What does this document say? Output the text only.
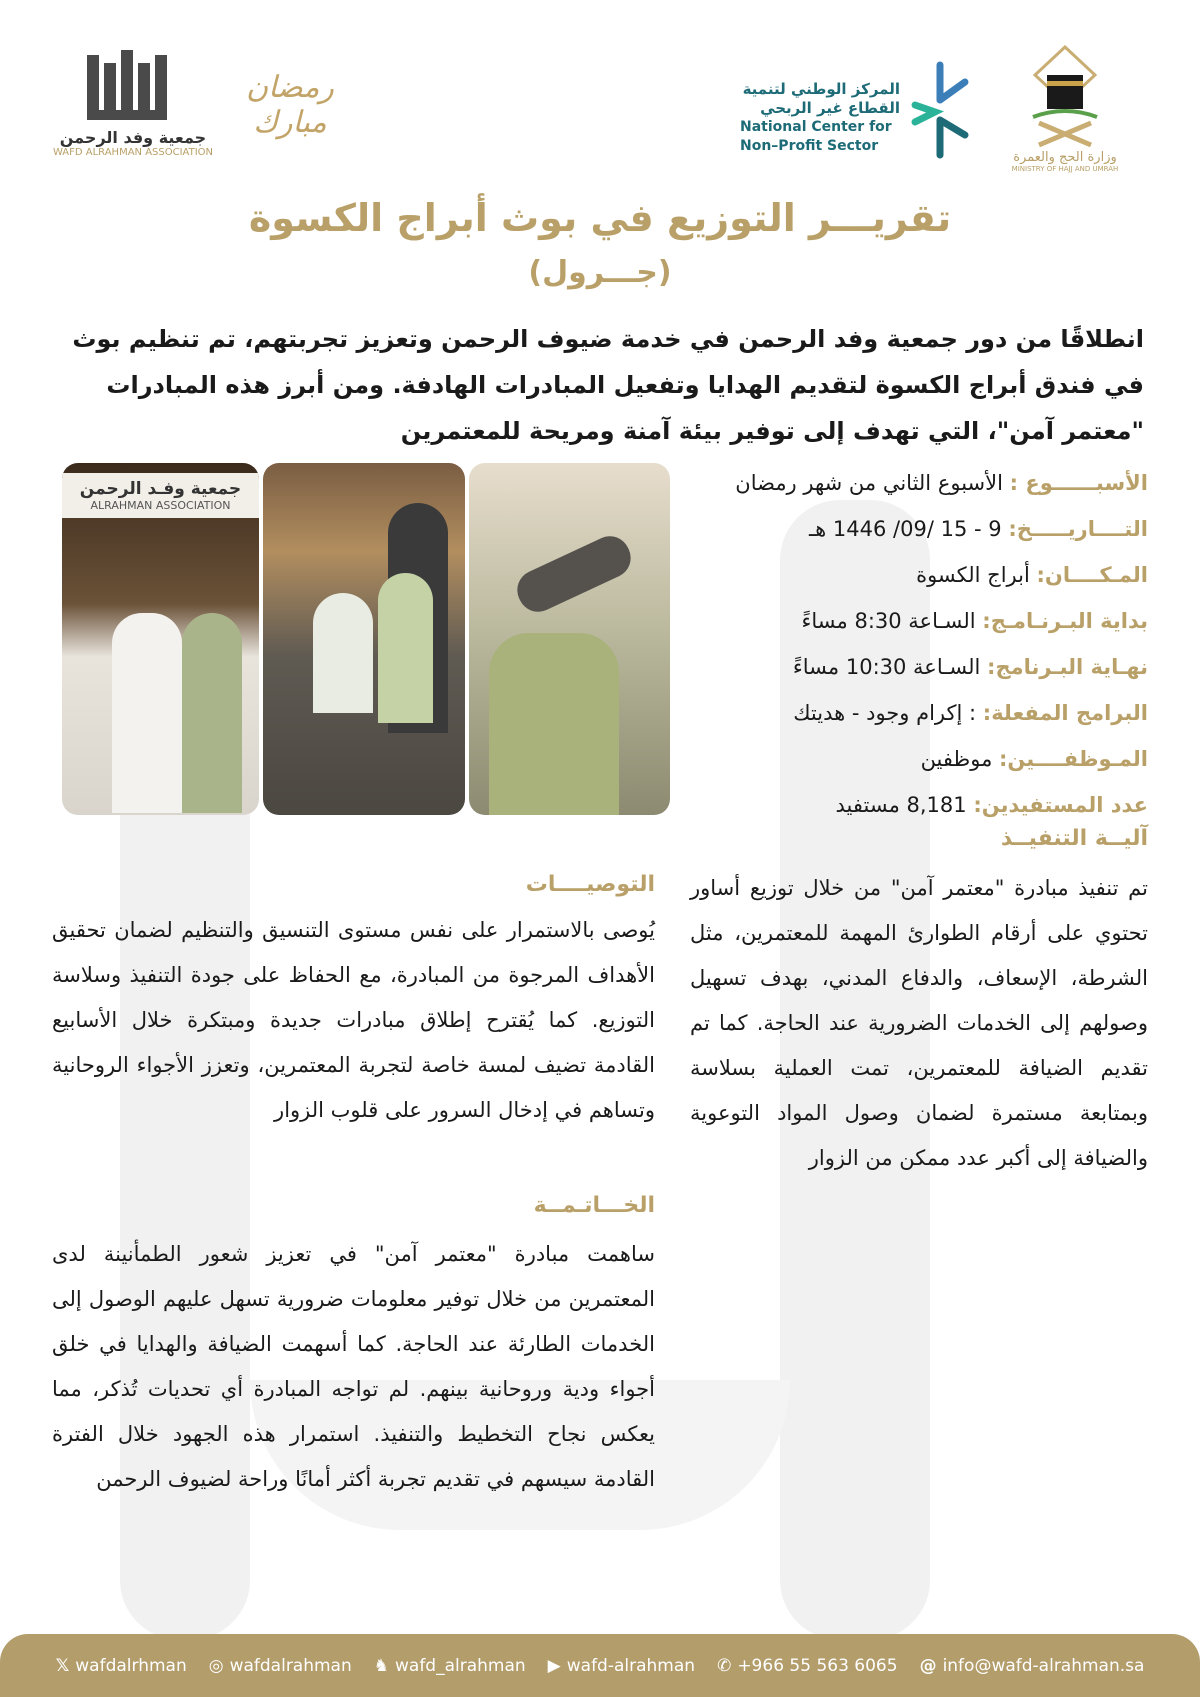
جمعية وفد الرحمن
WAFD ALRAHMAN ASSOCIATION
رمضان مبارك
المركز الوطني لتنمية
القطاع غير الربحي
National Center for
Non–Profit Sector
وزارة الحج والعمرة
MINISTRY OF HAJJ AND UMRAH
تقريـــر التوزيع في بوث أبراج الكسوة
(جـــرول)
انطلاقًا من دور جمعية وفد الرحمن في خدمة ضيوف الرحمن وتعزيز تجربتهم، تم تنظيم بوث في فندق أبراج الكسوة لتقديم الهدايا وتفعيل المبادرات الهادفة. ومن أبرز هذه المبادرات "معتمر آمن"، التي تهدف إلى توفير بيئة آمنة ومريحة للمعتمرين
الأسبــــــوع : الأسبوع الثاني من شهر رمضان
التــــاريـــــخ: 9 - 15 /09/ 1446 هـ
المـكــــان: أبراج الكسوة
بداية البـرنـامـج: السـاعة 8:30 مساءً
نهـاية البـرنامج: السـاعة 10:30 مساءً
البرامج المفعلة: : إكرام وجود - هديتك
المـوظفــــين: موظفين
عدد المستفيدين: 8,181 مستفيد
جمعية وفـد الرحمن
ALRAHMAN ASSOCIATION
آليــة التنفيــذ
تم تنفيذ مبادرة "معتمر آمن" من خلال توزيع أساور تحتوي على أرقام الطوارئ المهمة للمعتمرين، مثل الشرطة، الإسعاف، والدفاع المدني، بهدف تسهيل وصولهم إلى الخدمات الضرورية عند الحاجة. كما تم تقديم الضيافة للمعتمرين، تمت العملية بسلاسة وبمتابعة مستمرة لضمان وصول المواد التوعوية والضيافة إلى أكبر عدد ممكن من الزوار
التوصيــــات
يُوصى بالاستمرار على نفس مستوى التنسيق والتنظيم لضمان تحقيق الأهداف المرجوة من المبادرة، مع الحفاظ على جودة التنفيذ وسلاسة التوزيع. كما يُقترح إطلاق مبادرات جديدة ومبتكرة خلال الأسابيع القادمة تضيف لمسة خاصة لتجربة المعتمرين، وتعزز الأجواء الروحانية وتساهم في إدخال السرور على قلوب الزوار
الخـــاتـمــة
ساهمت مبادرة "معتمر آمن" في تعزيز شعور الطمأنينة لدى المعتمرين من خلال توفير معلومات ضرورية تسهل عليهم الوصول إلى الخدمات الطارئة عند الحاجة. كما أسهمت الضيافة والهدايا في خلق أجواء ودية وروحانية بينهم. لم تواجه المبادرة أي تحديات تُذكر، مما يعكس نجاح التخطيط والتنفيذ. استمرار هذه الجهود خلال الفترة القادمة سيسهم في تقديم تجربة أكثر أمانًا وراحة لضيوف الرحمن
𝕏 wafdalrhman ◎ wafdalrahman ♞ wafd_alrahman ▶ wafd-alrahman ✆ +966 55 563 6065 @ info@wafd-alrahman.sa
